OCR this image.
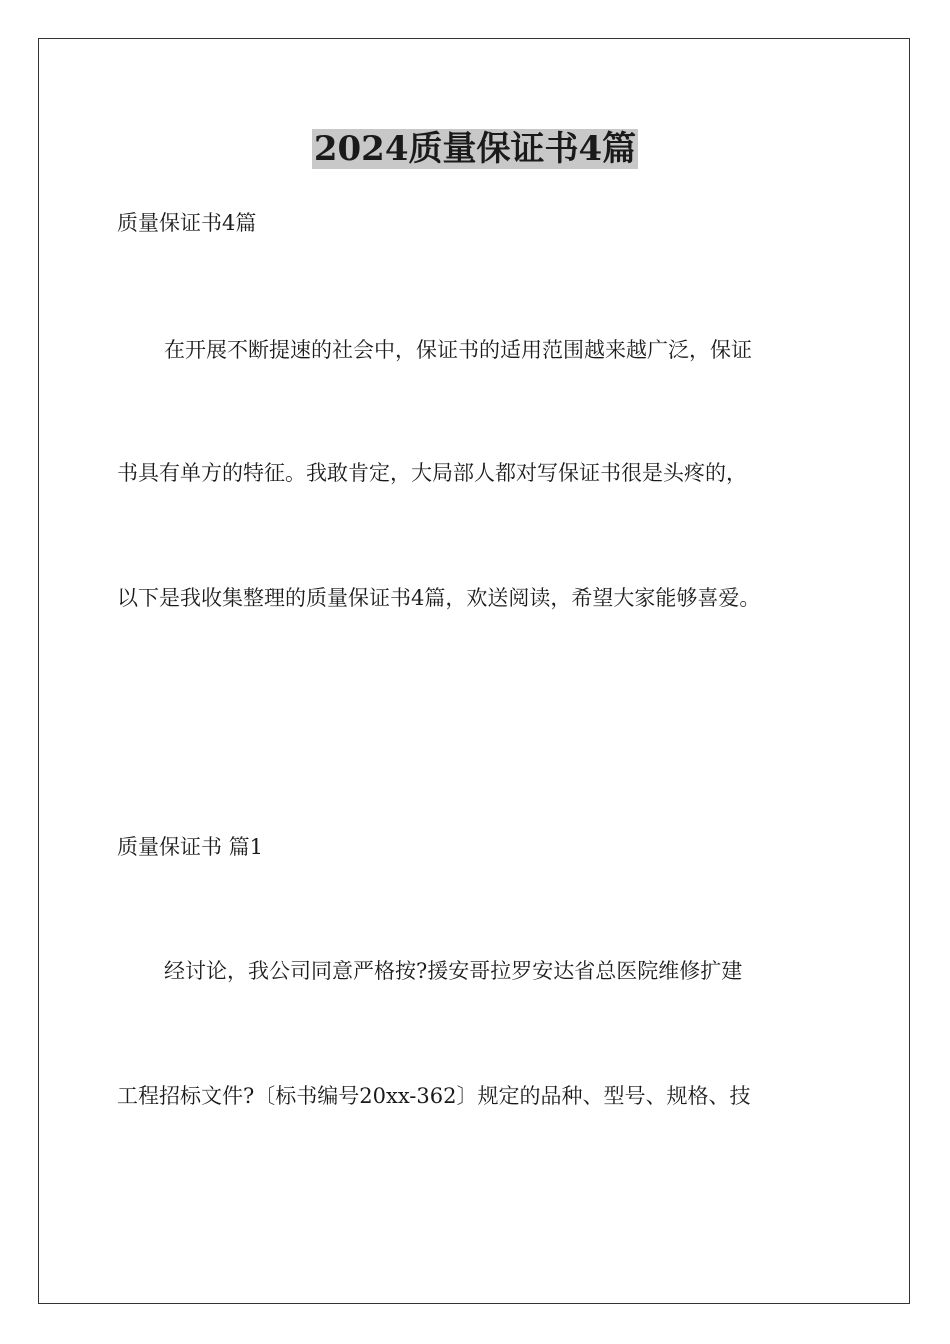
2024质量保证书4篇

质量保证书4篇

在开展不断提速的社会中，保证书的适用范围越来越广泛，保证

书具有单方的特征。我敢肯定，大局部人都对写保证书很是头疼的，

以下是我收集整理的质量保证书4篇，欢送阅读，希望大家能够喜爱。

质量保证书 篇1

经讨论，我公司同意严格按?援安哥拉罗安达省总医院维修扩建

工程招标文件?〔标书编号20xx-362〕规定的品种、型号、规格、技
